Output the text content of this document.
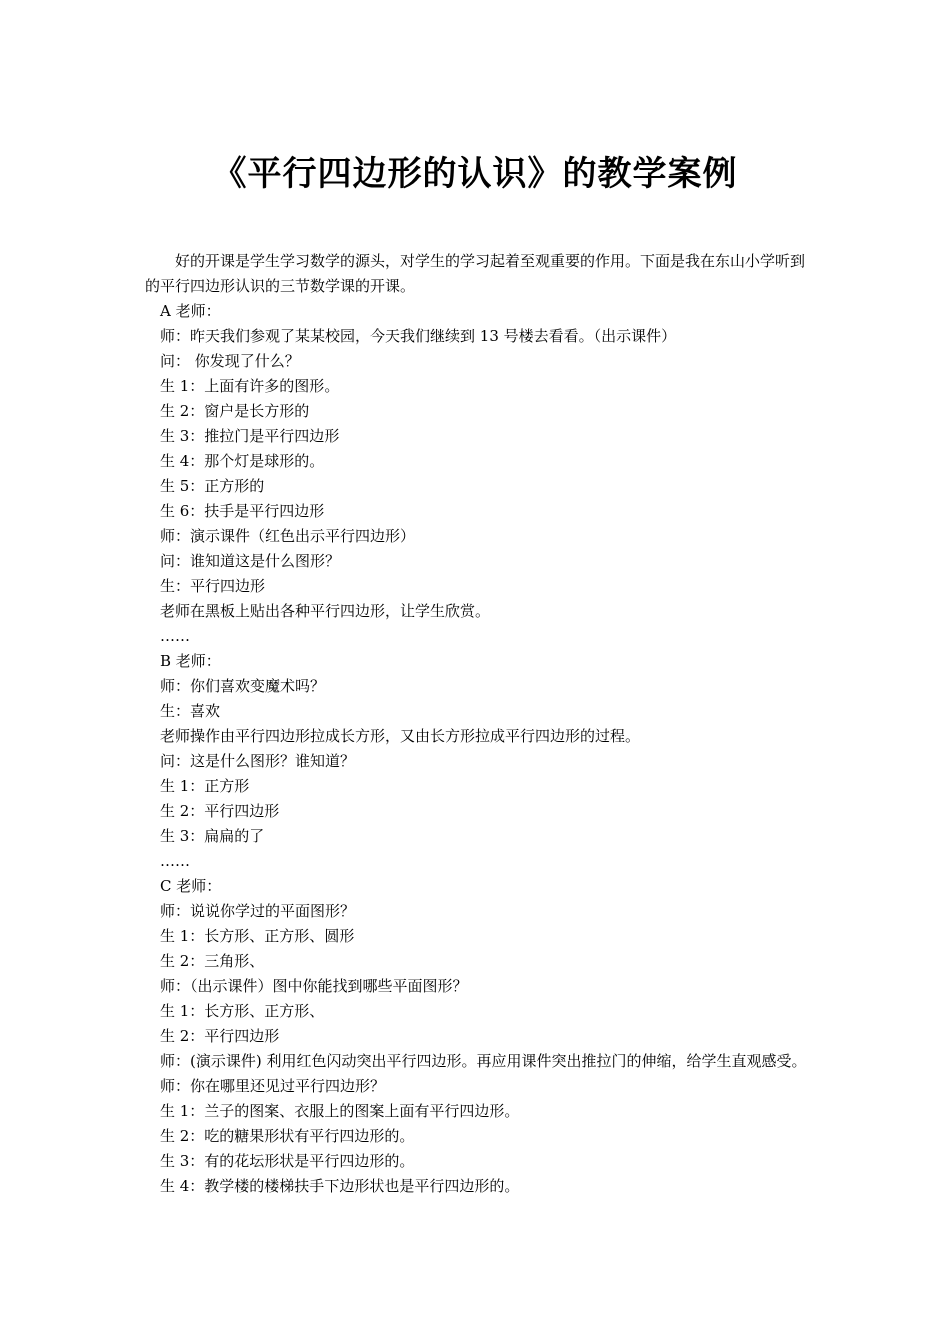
《平行四边形的认识》的教学案例

好的开课是学生学习数学的源头，对学生的学习起着至观重要的作用。下面是我在东山小学听到的平行四边形认识的三节数学课的开课。

A 老师：

师：昨天我们参观了某某校园，今天我们继续到 13 号楼去看看。（出示课件）

问： 你发现了什么？

生 1：上面有许多的图形。

生 2：窗户是长方形的

生 3：推拉门是平行四边形

生 4：那个灯是球形的。

生 5：正方形的

生 6：扶手是平行四边形

师：演示课件（红色出示平行四边形）

问：谁知道这是什么图形？

生：平行四边形

老师在黑板上贴出各种平行四边形，让学生欣赏。

……

B 老师：

师：你们喜欢变魔术吗？

生：喜欢

老师操作由平行四边形拉成长方形，又由长方形拉成平行四边形的过程。

问：这是什么图形？谁知道？

生 1：正方形

生 2：平行四边形

生 3：扁扁的了

……

C 老师：

师：说说你学过的平面图形？

生 1：长方形、正方形、圆形

生 2：三角形、

师：（出示课件）图中你能找到哪些平面图形？

生 1：长方形、正方形、

生 2：平行四边形

师：(演示课件) 利用红色闪动突出平行四边形。再应用课件突出推拉门的伸缩，给学生直观感受。

师：你在哪里还见过平行四边形？

生 1：兰子的图案、衣服上的图案上面有平行四边形。

生 2：吃的糖果形状有平行四边形的。

生 3：有的花坛形状是平行四边形的。

生 4：教学楼的楼梯扶手下边形状也是平行四边形的。
